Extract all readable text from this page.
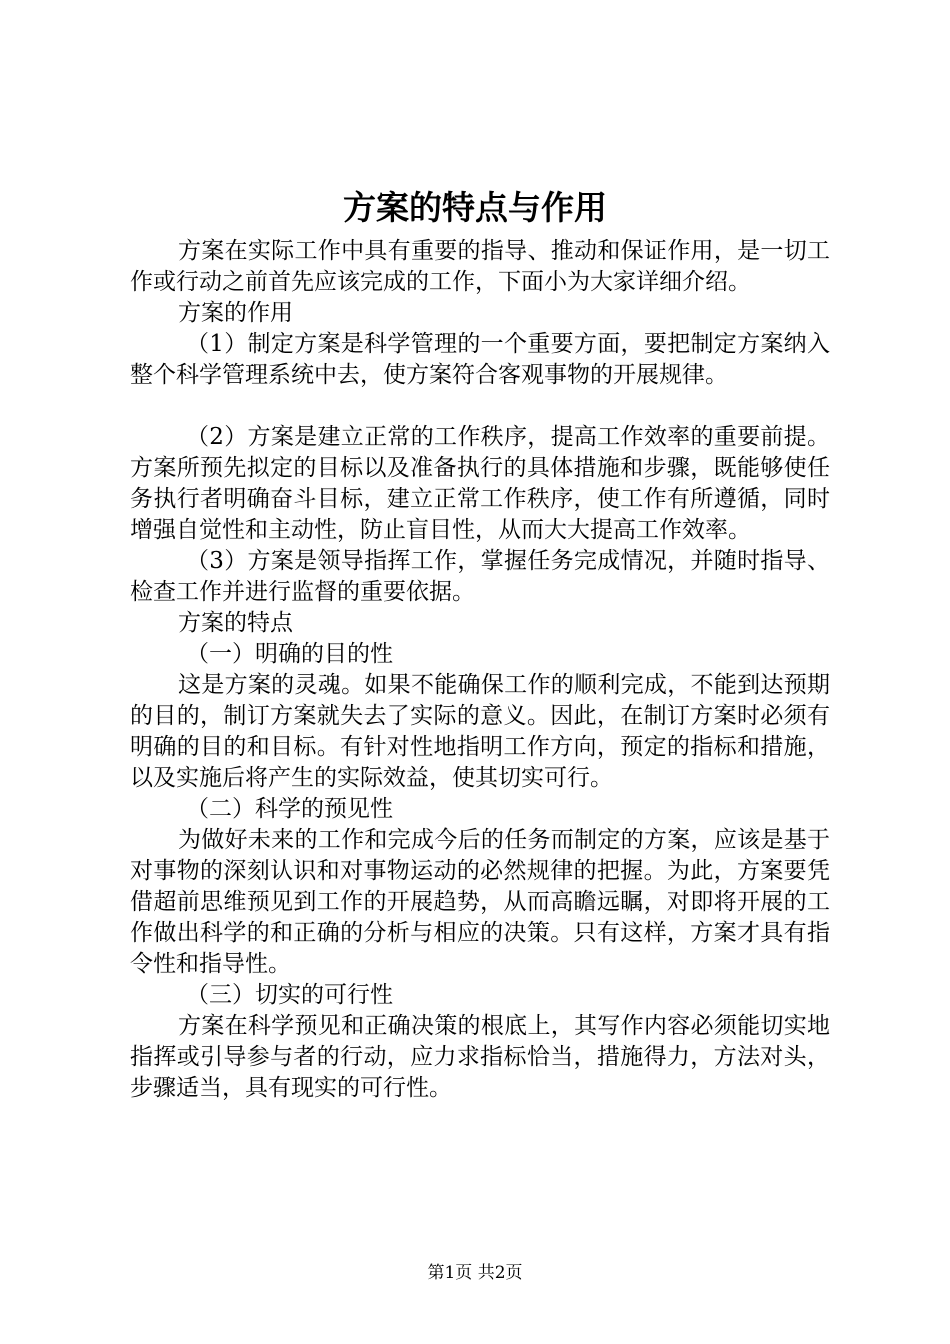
方案的特点与作用

方案在实际工作中具有重要的指导、推动和保证作用，是一切工作或行动之前首先应该完成的工作，下面小为大家详细介绍。

方案的作用

（1）制定方案是科学管理的一个重要方面，要把制定方案纳入整个科学管理系统中去，使方案符合客观事物的开展规律。

（2）方案是建立正常的工作秩序，提高工作效率的重要前提。方案所预先拟定的目标以及准备执行的具体措施和步骤，既能够使任务执行者明确奋斗目标，建立正常工作秩序，使工作有所遵循，同时增强自觉性和主动性，防止盲目性，从而大大提高工作效率。

（3）方案是领导指挥工作，掌握任务完成情况，并随时指导、检查工作并进行监督的重要依据。

方案的特点

（一）明确的目的性

这是方案的灵魂。如果不能确保工作的顺利完成，不能到达预期的目的，制订方案就失去了实际的意义。因此，在制订方案时必须有明确的目的和目标。有针对性地指明工作方向，预定的指标和措施，以及实施后将产生的实际效益，使其切实可行。

（二）科学的预见性

为做好未来的工作和完成今后的任务而制定的方案，应该是基于对事物的深刻认识和对事物运动的必然规律的把握。为此，方案要凭借超前思维预见到工作的开展趋势，从而高瞻远瞩，对即将开展的工作做出科学的和正确的分析与相应的决策。只有这样，方案才具有指令性和指导性。

（三）切实的可行性

方案在科学预见和正确决策的根底上，其写作内容必须能切实地指挥或引导参与者的行动，应力求指标恰当，措施得力，方法对头，步骤适当，具有现实的可行性。

第1页 共2页
